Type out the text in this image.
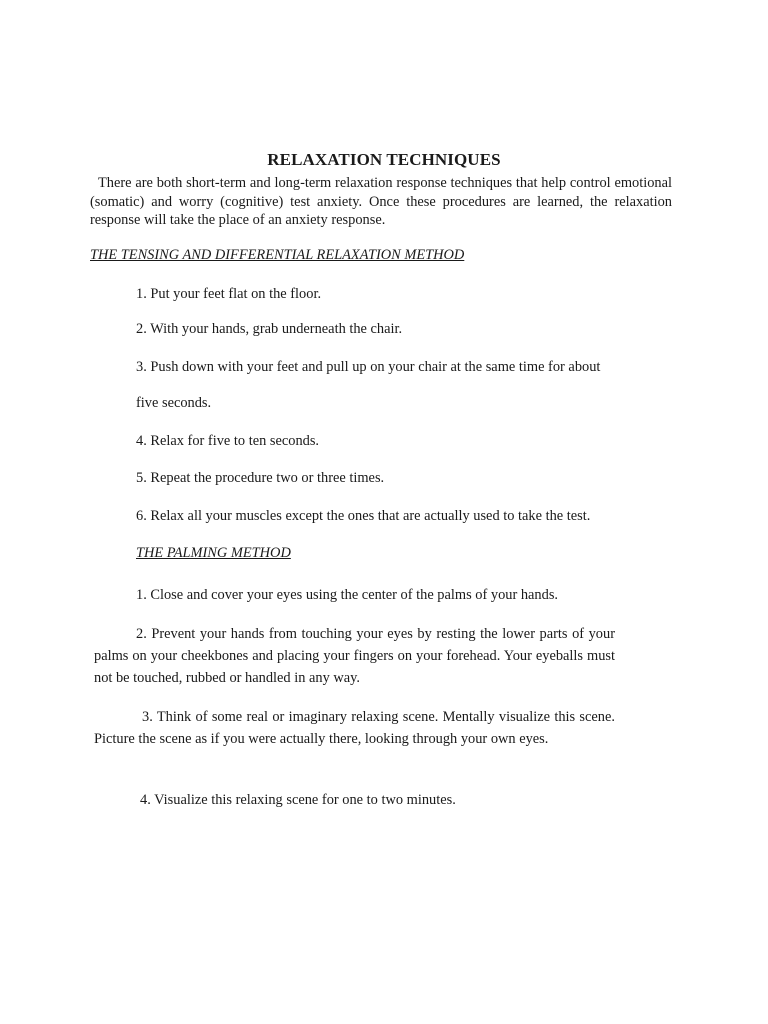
RELAXATION TECHNIQUES

There are both short-term and long-term relaxation response techniques that help control emotional (somatic) and worry (cognitive) test anxiety. Once these procedures are learned, the relaxation response will take the place of an anxiety response.

THE TENSING AND DIFFERENTIAL RELAXATION METHOD

1. Put your feet flat on the floor.

2. With your hands, grab underneath the chair.

3. Push down with your feet and pull up on your chair at the same time for about

five seconds.

4. Relax for five to ten seconds.

5. Repeat the procedure two or three times.

6. Relax all your muscles except the ones that are actually used to take the test.

THE PALMING METHOD

1. Close and cover your eyes using the center of the palms of your hands.

2. Prevent your hands from touching your eyes by resting the lower parts of your palms on your cheekbones and placing your fingers on your forehead. Your eyeballs must not be touched, rubbed or handled in any way.

3. Think of some real or imaginary relaxing scene. Mentally visualize this scene. Picture the scene as if you were actually there, looking through your own eyes.

4. Visualize this relaxing scene for one to two minutes.
